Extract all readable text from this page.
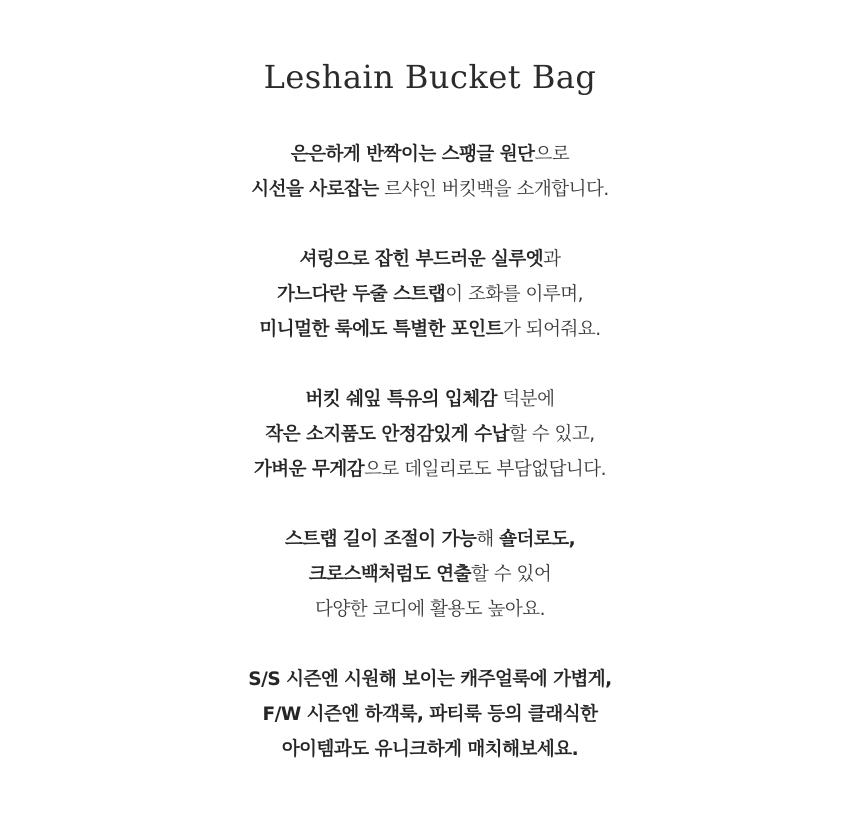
Leshain Bucket Bag
은은하게 반짝이는 스팽글 원단으로
시선을 사로잡는 르샤인 버킷백을 소개합니다.
셔링으로 잡힌 부드러운 실루엣과
가느다란 두줄 스트랩이 조화를 이루며,
미니멀한 룩에도 특별한 포인트가 되어줘요.
버킷 쉐잎 특유의 입체감 덕분에
작은 소지품도 안정감있게 수납할 수 있고,
가벼운 무게감으로 데일리로도 부담없답니다.
스트랩 길이 조절이 가능해 숄더로도,
크로스백처럼도 연출할 수 있어
다양한 코디에 활용도 높아요.
S/S 시즌엔 시원해 보이는 캐주얼룩에 가볍게,
F/W 시즌엔 하객룩, 파티룩 등의 클래식한
아이템과도 유니크하게 매치해보세요.
